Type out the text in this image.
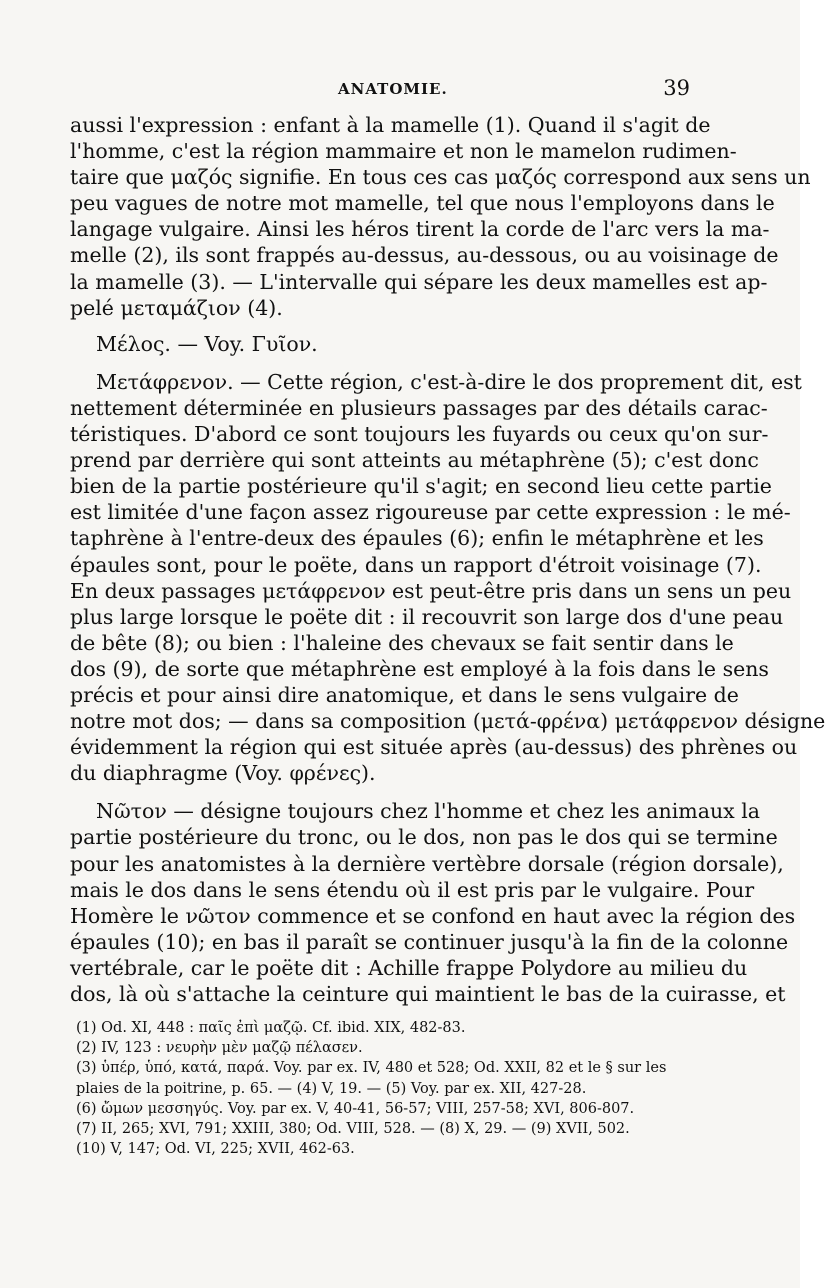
ANATOMIE.	39
aussi l'expression : enfant à la mamelle (1). Quand il s'agit de
l'homme, c'est la région mammaire et non le mamelon rudimen-
taire que μαζός signifie. En tous ces cas μαζός correspond aux sens un
peu vagues de notre mot mamelle, tel que nous l'employons dans le
langage vulgaire. Ainsi les héros tirent la corde de l'arc vers la ma-
melle (2), ils sont frappés au-dessus, au-dessous, ou au voisinage de
la mamelle (3). — L'intervalle qui sépare les deux mamelles est ap-
pelé μεταμάζιον (4).
Μέλος. — Voy. Γυῖον.
Μετάφρενον. — Cette région, c'est-à-dire le dos proprement dit, est
nettement déterminée en plusieurs passages par des détails carac-
téristiques. D'abord ce sont toujours les fuyards ou ceux qu'on sur-
prend par derrière qui sont atteints au métaphrène (5); c'est donc
bien de la partie postérieure qu'il s'agit; en second lieu cette partie
est limitée d'une façon assez rigoureuse par cette expression : le mé-
taphrène à l'entre-deux des épaules (6); enfin le métaphrène et les
épaules sont, pour le poëte, dans un rapport d'étroit voisinage (7).
En deux passages μετάφρενον est peut-être pris dans un sens un peu
plus large lorsque le poëte dit : il recouvrit son large dos d'une peau
de bête (8); ou bien : l'haleine des chevaux se fait sentir dans le
dos (9), de sorte que métaphrène est employé à la fois dans le sens
précis et pour ainsi dire anatomique, et dans le sens vulgaire de
notre mot dos; — dans sa composition (μετά-φρένα) μετάφρενον désigne
évidemment la région qui est située après (au-dessus) des phrènes ou
du diaphragme (Voy. φρένες).
Νῶτον — désigne toujours chez l'homme et chez les animaux la
partie postérieure du tronc, ou le dos, non pas le dos qui se termine
pour les anatomistes à la dernière vertèbre dorsale (région dorsale),
mais le dos dans le sens étendu où il est pris par le vulgaire. Pour
Homère le νῶτον commence et se confond en haut avec la région des
épaules (10); en bas il paraît se continuer jusqu'à la fin de la colonne
vertébrale, car le poëte dit : Achille frappe Polydore au milieu du
dos, là où s'attache la ceinture qui maintient le bas de la cuirasse, et
(1) Od. XI, 448 : παῖς ἐπὶ μαζῷ. Cf. ibid. XIX, 482-83.
(2) IV, 123 : νευρὴν μὲν μαζῷ πέλασεν.
(3) ὑπέρ, ὑπό, κατά, παρά. Voy. par ex. IV, 480 et 528; Od. XXII, 82 et le § sur les
plaies de la poitrine, p. 65. — (4) V, 19. — (5) Voy. par ex. XII, 427-28.
(6) ὤμων μεσσηγύς. Voy. par ex. V, 40-41, 56-57; VIII, 257-58; XVI, 806-807.
(7) II, 265; XVI, 791; XXIII, 380; Od. VIII, 528. — (8) X, 29. — (9) XVII, 502.
(10) V, 147; Od. VI, 225; XVII, 462-63.
